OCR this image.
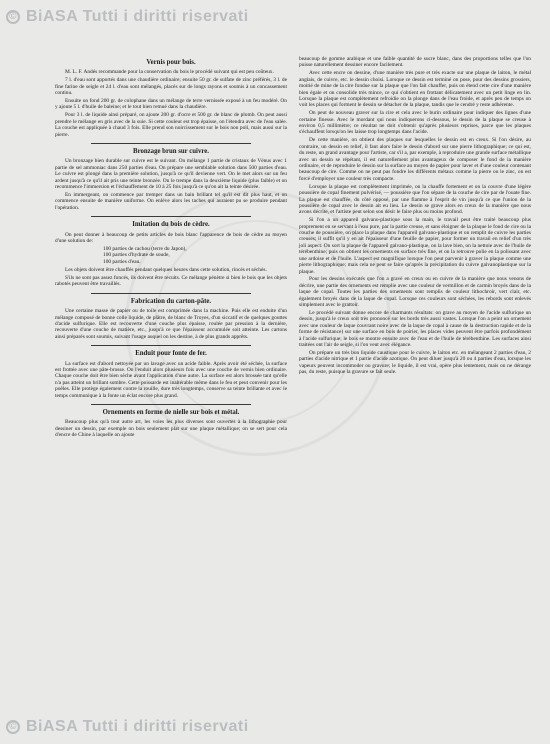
© BiASA Tutti i diritti riservati
Vernis pour bois.

M. L. F. Andés recommande pour la conservation du bois le procédé suivant qui est peu coûteux.

7 l. d'eau sont apportés dans une chaudière ordinaire; ensuite 50 gr. de sulfate de zinc préférés, 3 l. de fine farine de seigle et 24 l. d'eau sont mélangés, placés sur de longs rayons et soumis à un concassement continu.

Ensuite on fond 200 gr. de colophane dans un mélange de terre vernissée exposé à un feu modéré. On y ajoute 5 l. d'huile de baleine; et le tout bien remué dans la chaudière.

Pour 3 l. de liquide ainsi préparé, on ajoute 200 gr. d'ocre et 500 gr. de blanc de plomb. On peut aussi prendre le mélange en gris avec de la suie. Si cette couleur est trop épaisse, on l'étendra avec de l'eau salée. La couche est appliquée à chaud 3 fois. Elle prend son noircissement sur le bois non poli, mais aussi sur la pierre.

Bronzage brun sur cuivre.

Un bronzage bien durable sur cuivre est le suivant. On mélange 1 partie de cristaux de Vénus avec 1 partie de sel ammoniac dans 250 parties d'eau. On prépare une semblable solution dans 500 parties d'eau. Le cuivre est plongé dans la première solution, jusqu'à ce qu'il devienne vert. On le met alors sur un feu ardent jusqu'à ce qu'il ait pris une teinte bronzée. On le trempe dans la deuxième liquide (plus faible) et on recommence l'immersion et l'échauffement de 10 à 25 fois jusqu'à ce qu'on ait la teinte désirée.

En immergeant, on commence par tremper dans un bain brillant tel qu'il est dit plus haut, et on commence ensuite de manière uniforme. On enlève alors les taches qui auraient pu se produire pendant l'opération.

Imitation du bois de cèdre.

On peut donner à beaucoup de petits articles de bois blanc l'apparence de bois de cèdre au moyen d'une solution de:

100 parties de cachou (terre du Japon),
100 parties d'hydrate de soude,
100 parties d'eau.

Les objets doivent être chauffés pendant quelques heures dans cette solution, rincés et séchés.

S'ils ne sont pas assez foncés, ils doivent être recuits. Ce mélange pénètre si bien le bois que les objets rabotés peuvent être travaillés.

Fabrication du carton-pâte.

Une certaine masse de papier ou de toile est comprimée dans la machine. Puis elle est enduite d'un mélange composé de bonne colle liquide, de plâtre, de blanc de Troyes, d'un siccatif et de quelques gouttes d'acide sulfurique. Elle est recouverte d'une couche plus épaisse, roulée par pression à la dernière, recouverte d'une couche de matière, etc., jusqu'à ce que l'épaisseur accumulée soit atteinte. Les cartons ainsi préparés sont soumis, suivant l'usage auquel on les destine, à de plus grands apprêts.

Enduit pour fonte de fer.

La surface est d'abord nettoyée par un lavage avec un acide faible. Après avoir été séchée, la surface est frottée avec une pâte-brosse. On l'enduit alors plusieurs fois avec une couche de vernis bien ordinaire. Chaque couche doit être bien sèche avant l'application d'une autre. La surface est alors brossée tant qu'elle n'a pas atteint un brillant sombre. Cette poissarde est inaltérable même dans le feu et peut convenir pour les poêles. Elle protège également contre la rouille, dure très longtemps, conserve sa teinte brillante et avec le temps communique à la fonte un éclat encore plus grand.

Ornements en forme de nielle sur bois et métal.

Beaucoup plus qu'à tout autre art, les voies les plus diverses sont ouvertes à la lithographie pour dessiner un dessin, par exemple on bois seulement plat sur une plaque métallique; on se sert pour cela d'encre de Chine à laquelle on ajoute

beaucoup de gomme arabique et une faible quantité de sucre blanc, dans des proportions telles que l'on puisse naturellement dessiner encore facilement.

Avec cette encre on dessine, d'une manière très pure et très exacte sur une plaque de laiton, le métal anglais, de cuivre, etc. le dessin choisi. Lorsque ce dessin est terminé on pose, pour des dessins grossiers, moitié de mine de la cire fondue sur la plaque que l'on fait chauffer, puis on étend cette cire d'une manière bien égale et on consolide très mince, ce qui s'obtient en frottant délicatement avec un petit linge en lin. Lorsque la plaque est complètement refroidie on la plonge dans de l'eau froide, et après peu de temps on voit les places qui forment le dessin se détacher de la plaque, tandis que le cendré y reste adhérente.

On peut de nouveau graver sur la cire et cela avec le burin ordinaire pour indiquer des lignes d'une certaine finesse. Avec le mordant qui nous indiquerons ci-dessous, le dessin de la plaque se creuse à environ 0,5 millimètre; ce résultat ne doit s'obtenir qu'après plusieurs reprises, parce que les plaques s'échauffent lorsqu'on les laisse trop longtemps dans l'acide.

De cette manière, on obtient des plaques sur lesquelles le dessin est en creux. Si l'on désire, au contraire, un dessin en relief, il faut alors faire le dessin d'abord sur une pierre lithographique; ce qui est, du reste, un grand avantage pour l'artiste, car s'il a, par exemple, à reproduire une grande surface métallique avec un dessin se répétant, il est naturellement plus avantageux de composer le fond de la manière ordinaire, et de reproduire le dessin sur la surface au moyen de papier pour laver et d'une couleur contenant beaucoup de cire. Comme on ne peut pas fondre les différents métaux comme la pierre ou le zinc, on est forcé d'employer une couleur très compacte.

Lorsque la plaque est complètement imprimée, on la chauffe fortement et on la couvre d'une légère poussière de copal finement pulvérisé, — poussière que l'on sépare de la couche de cire par de l'ouate fine. La plaque est chauffée, du côté opposé, par une flamme à l'esprit de vin jusqu'à ce que l'union de la poussière de copal avec le dessin ait eu lieu. Le dessin se grave alors en creux de la manière que nous avons décrite, et l'artiste peut selon son désir le faire plus ou moins profond.

Si l'on a un appareil galvano-plastique sous la main, le travail peut être traité beaucoup plus proprement en se servant à l'eau pure, par la partie creuse, et sans éloigner de la plaque le fond de cire ou la couche de poussière, on place la plaque dans l'appareil galvano-plastique et on remplit de cuivre les parties creuses; il suffit qu'il y en ait l'épaisseur d'une feuille de papier, pour former un travail en relief d'un très joli aspect. On sort la plaque de l'appareil galvano-plastique, on la lave bien, on la nettoie avec de l'huile de térébenthine; puis on obtient les ornements en surface très fine, et on la retrouve polie en la polissant avec une ardoise et de l'huile. L'aspect est magnifique lorsque l'on peut parvenir à graver la plaque comme une pierre lithographique; mais cela ne peut se faire qu'après la précipitation du cuivre galvanoplastique sur la plaque.

Pour les dessins exécutés que l'on a gravé en creux ou en cuivre de la manière que nous venons de décrire, une partie des ornements est remplie avec une couleur de vermillon et de carmin broyés dans de la laque de copal. Toutes les parties des ornements sont remplis de couleur lithochroir, vert clair, etc. également broyés dans de la laque de copal. Lorsque ces couleurs sont séchées, les rebords sont enlevés simplement avec le grattoir.

Le procédé suivant donne encore de charmants résultats: on grave au moyen de l'acide sulfurique un dessin, jusqu'à le creux soit très prononcé sur les bords très aussi vastes. Lorsque l'on a peint un ornement avec une couleur de laque couvrant noire avec de la laque de copal à cause de la destruction rapide et de la forme de résistance) sur une surface en bois de poirier, les places vides peuvent être parfois profondément à l'acide sulfurique; le bois se montre ensuite avec de l'eau et de l'huile de térébenthine. Les surfaces ainsi traitées ont l'air de seigle, si l'on veut avec élégance.

On prépare un très bon liquide caustique pour le cuivre, le laiton etc. en mélangeant 2 parties d'eau, 2 parties d'acide nitrique et 1 partie d'acide azotique. On peut diluer jusqu'à 20 ou 4 parties d'eau, lorsque les vapeurs peuvent incommoder ou gravure; le liquide, il est vrai, opère plus lentement, mais on ne dérange pas, du reste, puisque la gravure se fait seule.

© BiASA Tutti i diritti riservati
